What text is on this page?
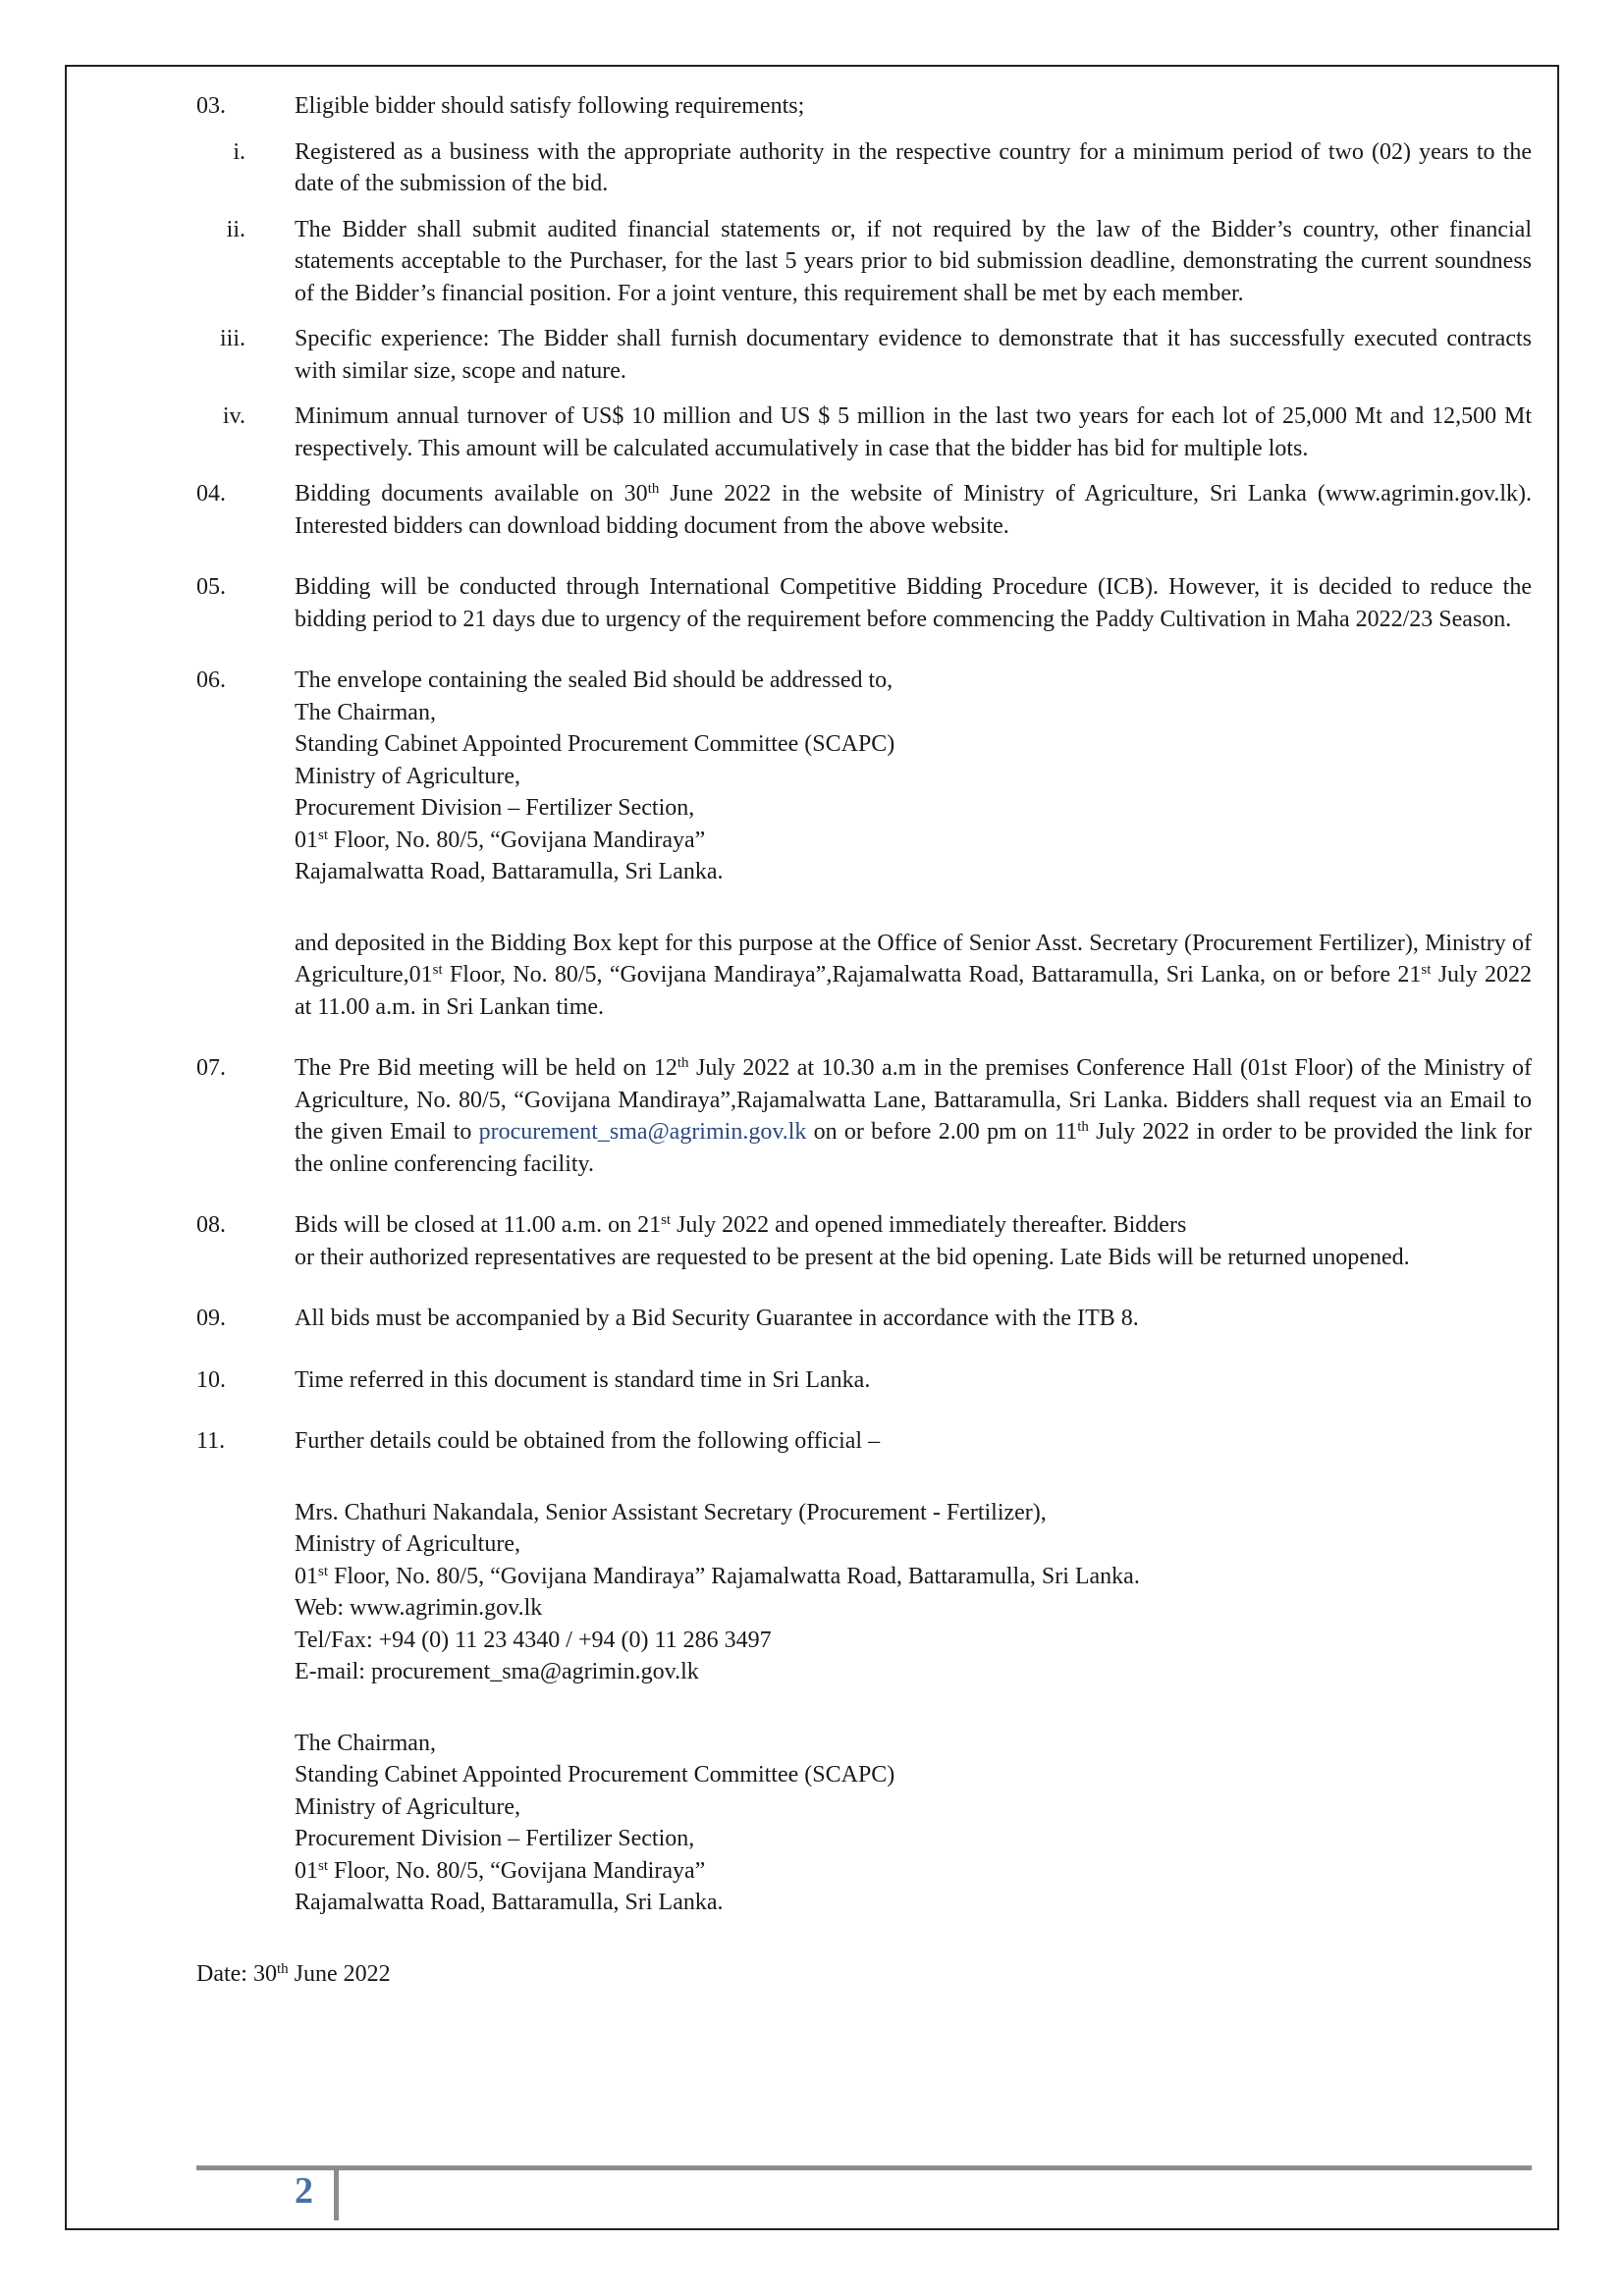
03.	Eligible bidder should satisfy following requirements;

i. Registered as a business with the appropriate authority in the respective country for a minimum period of two (02) years to the date of the submission of the bid.

ii. The Bidder shall submit audited financial statements or, if not required by the law of the Bidder’s country, other financial statements acceptable to the Purchaser, for the last 5 years prior to bid submission deadline, demonstrating the current soundness of the Bidder’s financial position. For a joint venture, this requirement shall be met by each member.

iii. Specific experience: The Bidder shall furnish documentary evidence to demonstrate that it has successfully executed contracts with similar size, scope and nature.

iv. Minimum annual turnover of US$ 10 million and US $ 5 million in the last two years for each lot of 25,000 Mt and 12,500 Mt respectively. This amount will be calculated accumulatively in case that the bidder has bid for multiple lots.

04.	Bidding documents available on 30th June 2022 in the website of Ministry of Agriculture, Sri Lanka (www.agrimin.gov.lk). Interested bidders can download bidding document from the above website.

05.	Bidding will be conducted through International Competitive Bidding Procedure (ICB). However, it is decided to reduce the bidding period to 21 days due to urgency of the requirement before commencing the Paddy Cultivation in Maha 2022/23 Season.

06.	The envelope containing the sealed Bid should be addressed to,
The Chairman,
Standing Cabinet Appointed Procurement Committee (SCAPC)
Ministry of Agriculture,
Procurement Division – Fertilizer Section,
01st Floor, No. 80/5, “Govijana Mandiraya”
Rajamalwatta Road, Battaramulla, Sri Lanka.

and deposited in the Bidding Box kept for this purpose at the Office of Senior Asst. Secretary (Procurement Fertilizer), Ministry of Agriculture,01st Floor, No. 80/5, “Govijana Mandiraya”,Rajamalwatta Road, Battaramulla, Sri Lanka, on or before 21st July 2022 at 11.00 a.m. in Sri Lankan time.

07.	The Pre Bid meeting will be held on 12th July 2022 at 10.30 a.m in the premises Conference Hall (01st Floor) of the Ministry of Agriculture, No. 80/5, “Govijana Mandiraya”,Rajamalwatta Lane, Battaramulla, Sri Lanka. Bidders shall request via an Email to the given Email to procurement_sma@agrimin.gov.lk on or before 2.00 pm on 11th July 2022 in order to be provided the link for the online conferencing facility.

08.	Bids will be closed at 11.00 a.m. on 21st July 2022 and opened immediately thereafter. Bidders

or their authorized representatives are requested to be present at the bid opening. Late Bids will be returned unopened.

09.	All bids must be accompanied by a Bid Security Guarantee in accordance with the ITB 8.

10.	Time referred in this document is standard time in Sri Lanka.

11.	Further details could be obtained from the following official –
Mrs. Chathuri Nakandala, Senior Assistant Secretary (Procurement - Fertilizer),
Ministry of Agriculture,
01st Floor, No. 80/5, “Govijana Mandiraya” Rajamalwatta Road, Battaramulla, Sri Lanka.
Web: www.agrimin.gov.lk
Tel/Fax: +94 (0) 11 23 4340 / +94 (0) 11 286 3497
E-mail: procurement_sma@agrimin.gov.lk
The Chairman,
Standing Cabinet Appointed Procurement Committee (SCAPC)
Ministry of Agriculture,
Procurement Division – Fertilizer Section,
01st Floor, No. 80/5, “Govijana Mandiraya”
Rajamalwatta Road, Battaramulla, Sri Lanka.
Date: 30th June 2022
2
